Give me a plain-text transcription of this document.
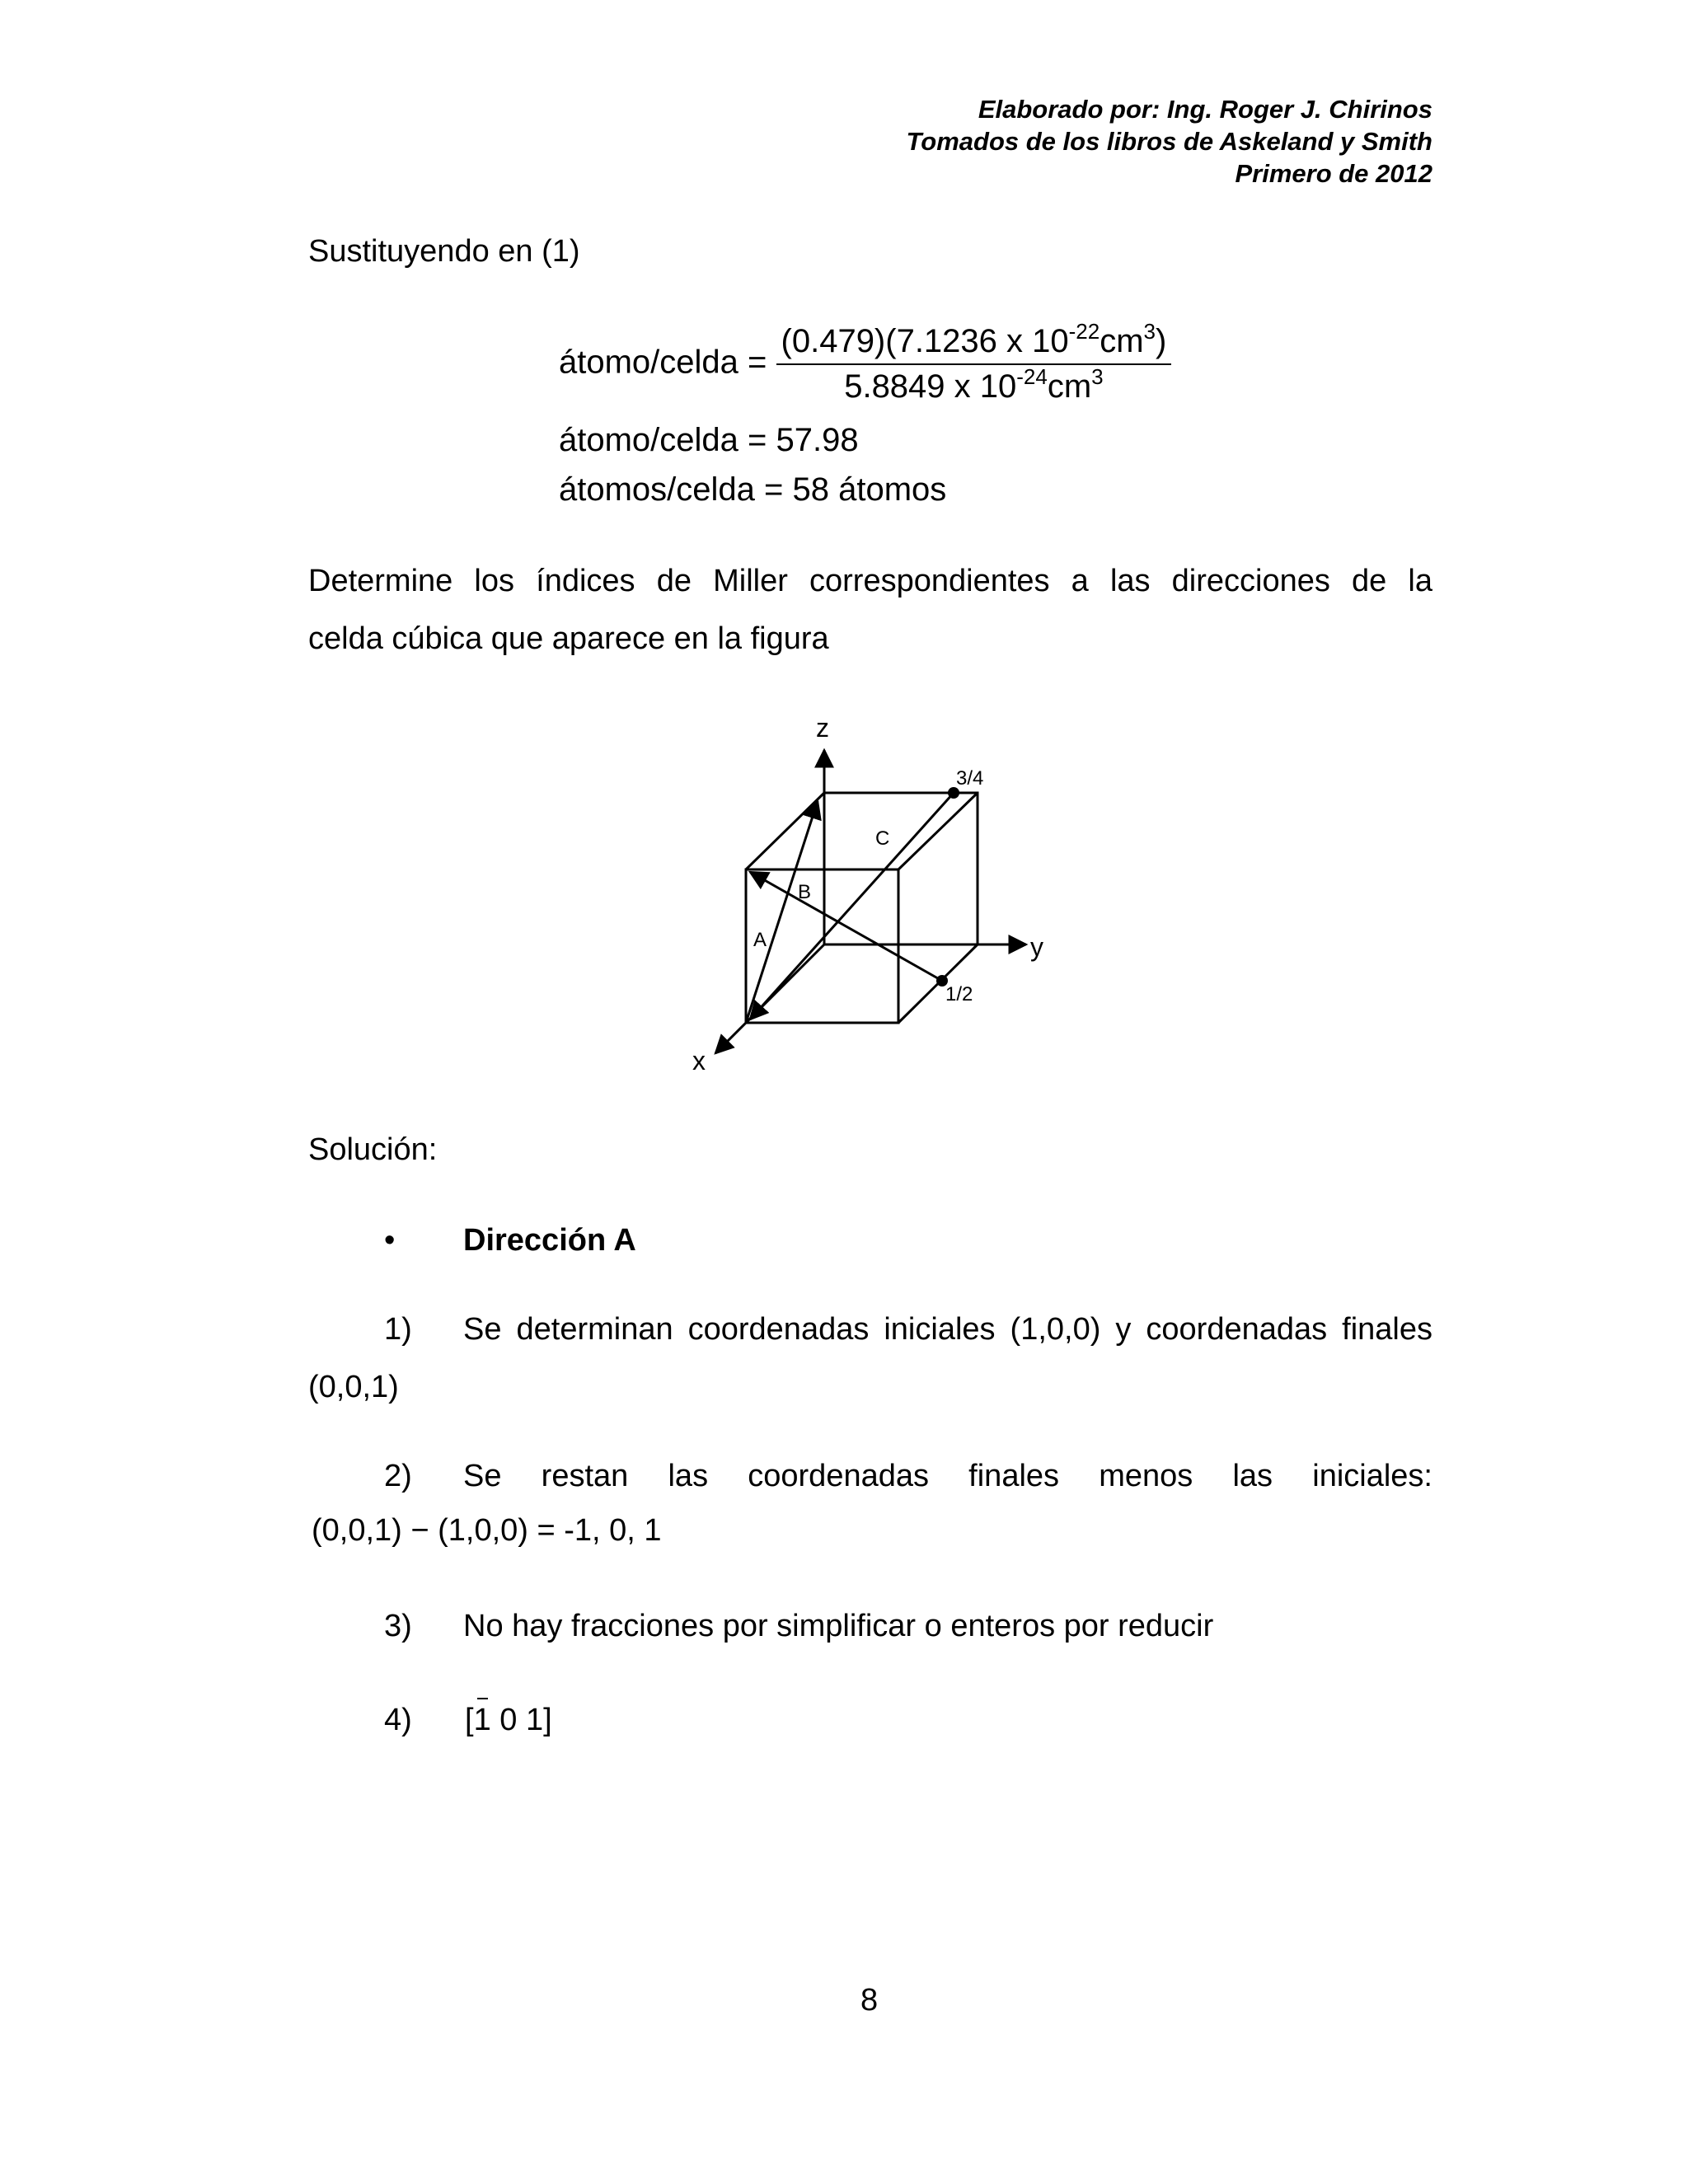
Elaborado por: Ing. Roger J. Chirinos
Tomados de los libros de Askeland y Smith
Primero de 2012
Sustituyendo en (1)
átomo/celda = $\frac{(0.479)(7.1236 x 10^{-22}cm^3)}{5.8849 x 10^{-24}cm^3}$
átomo/celda = 57.98
átomos/celda = 58 átomos
Determine los índices de Miller correspondientes a las direcciones de la
celda cúbica que aparece en la figura
z
y
x
A
B
C
3/4
1/2
Solución:
• Dirección A
1) Se determinan coordenadas iniciales (1,0,0) y coordenadas finales
(0,0,1)
2) Se restan las coordenadas finales menos las iniciales:
(0,0,1) − (1,0,0) = -1, 0, 1
3) No hay fracciones por simplificar o enteros por reducir
4) [1 0 1]
8
